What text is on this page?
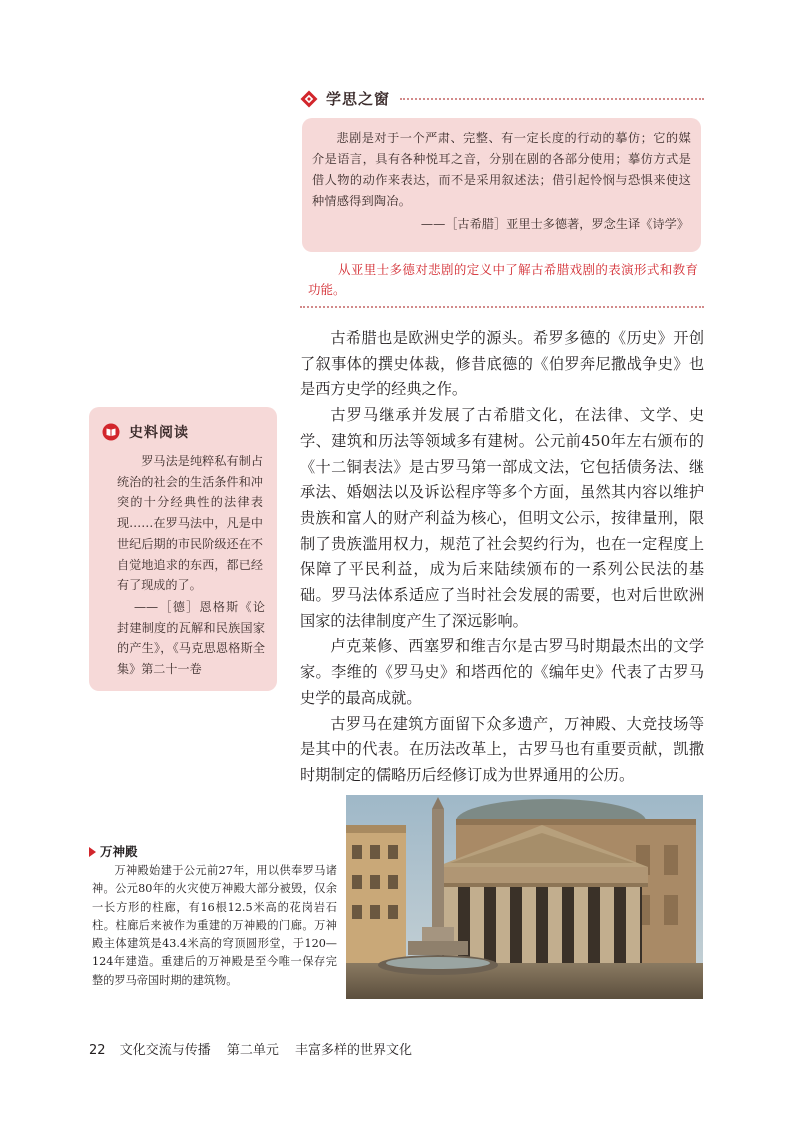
学思之窗
悲剧是对于一个严肃、完整、有一定长度的行动的摹仿；它的媒介是语言，具有各种悦耳之音，分别在剧的各部分使用；摹仿方式是借人物的动作来表达，而不是采用叙述法；借引起怜悯与恐惧来使这种情感得到陶冶。
——［古希腊］亚里士多德著，罗念生译《诗学》
从亚里士多德对悲剧的定义中了解古希腊戏剧的表演形式和教育功能。

古希腊也是欧洲史学的源头。希罗多德的《历史》开创了叙事体的撰史体裁，修昔底德的《伯罗奔尼撒战争史》也是西方史学的经典之作。

古罗马继承并发展了古希腊文化，在法律、文学、史学、建筑和历法等领域多有建树。公元前450年左右颁布的《十二铜表法》是古罗马第一部成文法，它包括债务法、继承法、婚姻法以及诉讼程序等多个方面，虽然其内容以维护贵族和富人的财产利益为核心，但明文公示，按律量刑，限制了贵族滥用权力，规范了社会契约行为，也在一定程度上保障了平民利益，成为后来陆续颁布的一系列公民法的基础。罗马法体系适应了当时社会发展的需要，也对后世欧洲国家的法律制度产生了深远影响。

卢克莱修、西塞罗和维吉尔是古罗马时期最杰出的文学家。李维的《罗马史》和塔西佗的《编年史》代表了古罗马史学的最高成就。

古罗马在建筑方面留下众多遗产，万神殿、大竞技场等是其中的代表。在历法改革上，古罗马也有重要贡献，凯撒时期制定的儒略历后经修订成为世界通用的公历。

史料阅读
罗马法是纯粹私有制占统治的社会的生活条件和冲突的十分经典性的法律表现……在罗马法中，凡是中世纪后期的市民阶级还在不自觉地追求的东西，都已经有了现成的了。
——［德］恩格斯《论封建制度的瓦解和民族国家的产生》，《马克思恩格斯全集》第二十一卷
万神殿
万神殿始建于公元前27年，用以供奉罗马诸神。公元80年的火灾使万神殿大部分被毁，仅余一长方形的柱廊，有16根12.5米高的花岗岩石柱。柱廊后来被作为重建的万神殿的门廊。万神殿主体建筑是43.4米高的穹顶圆形堂，于120—124年建造。重建后的万神殿是至今唯一保存完整的罗马帝国时期的建筑物。
22 文化交流与传播 第二单元 丰富多样的世界文化
